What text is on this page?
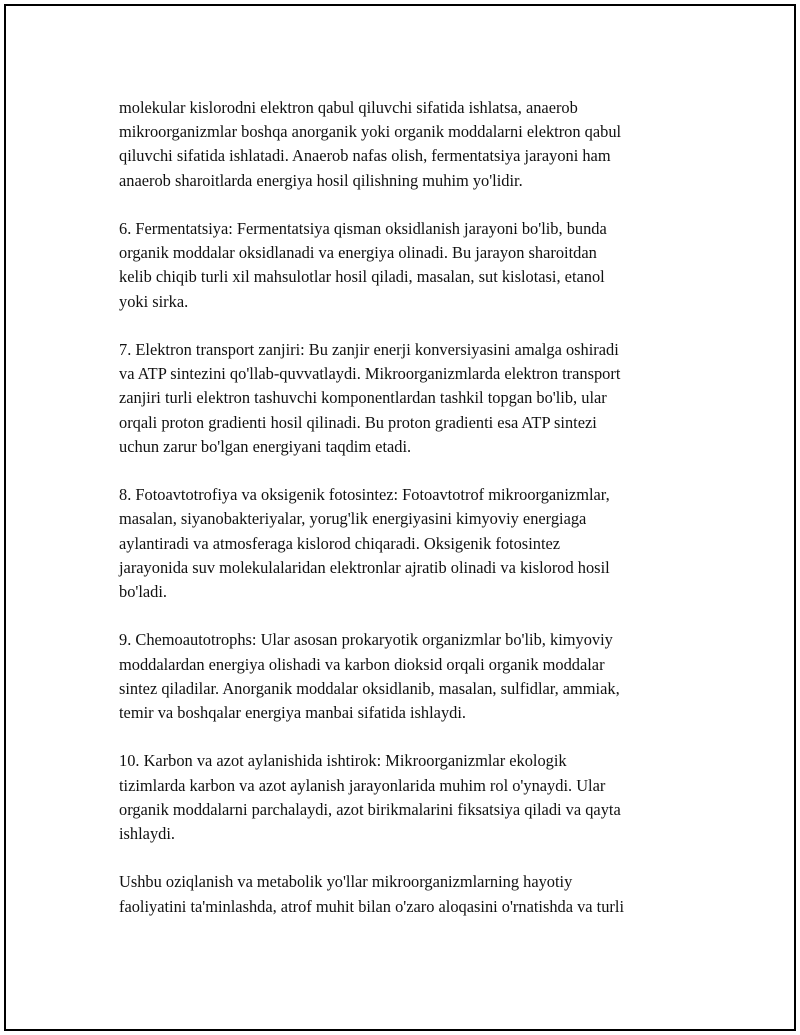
molekular kislorodni elektron qabul qiluvchi sifatida ishlatsa, anaerob
mikroorganizmlar boshqa anorganik yoki organik moddalarni elektron qabul
qiluvchi sifatida ishlatadi. Anaerob nafas olish, fermentatsiya jarayoni ham
anaerob sharoitlarda energiya hosil qilishning muhim yo'lidir.

6. Fermentatsiya: Fermentatsiya qisman oksidlanish jarayoni bo'lib, bunda
organik moddalar oksidlanadi va energiya olinadi. Bu jarayon sharoitdan
kelib chiqib turli xil mahsulotlar hosil qiladi, masalan, sut kislotasi, etanol
yoki sirka.

7. Elektron transport zanjiri: Bu zanjir enerji konversiyasini amalga oshiradi
va ATP sintezini qo'llab-quvvatlaydi. Mikroorganizmlarda elektron transport
zanjiri turli elektron tashuvchi komponentlardan tashkil topgan bo'lib, ular
orqali proton gradienti hosil qilinadi. Bu proton gradienti esa ATP sintezi
uchun zarur bo'lgan energiyani taqdim etadi.

8. Fotoavtotrofiya va oksigenik fotosintez: Fotoavtotrof mikroorganizmlar,
masalan, siyanobakteriyalar, yorug'lik energiyasini kimyoviy energiaga
aylantiradi va atmosferaga kislorod chiqaradi. Oksigenik fotosintez
jarayonida suv molekulalaridan elektronlar ajratib olinadi va kislorod hosil
bo'ladi.

9. Chemoautotrophs: Ular asosan prokaryotik organizmlar bo'lib, kimyoviy
moddalardan energiya olishadi va karbon dioksid orqali organik moddalar
sintez qiladilar. Anorganik moddalar oksidlanib, masalan, sulfidlar, ammiak,
temir va boshqalar energiya manbai sifatida ishlaydi.

10. Karbon va azot aylanishida ishtirok: Mikroorganizmlar ekologik
tizimlarda karbon va azot aylanish jarayonlarida muhim rol o'ynaydi. Ular
organik moddalarni parchalaydi, azot birikmalarini fiksatsiya qiladi va qayta
ishlaydi.

Ushbu oziqlanish va metabolik yo'llar mikroorganizmlarning hayotiy
faoliyatini ta'minlashda, atrof muhit bilan o'zaro aloqasini o'rnatishda va turli
